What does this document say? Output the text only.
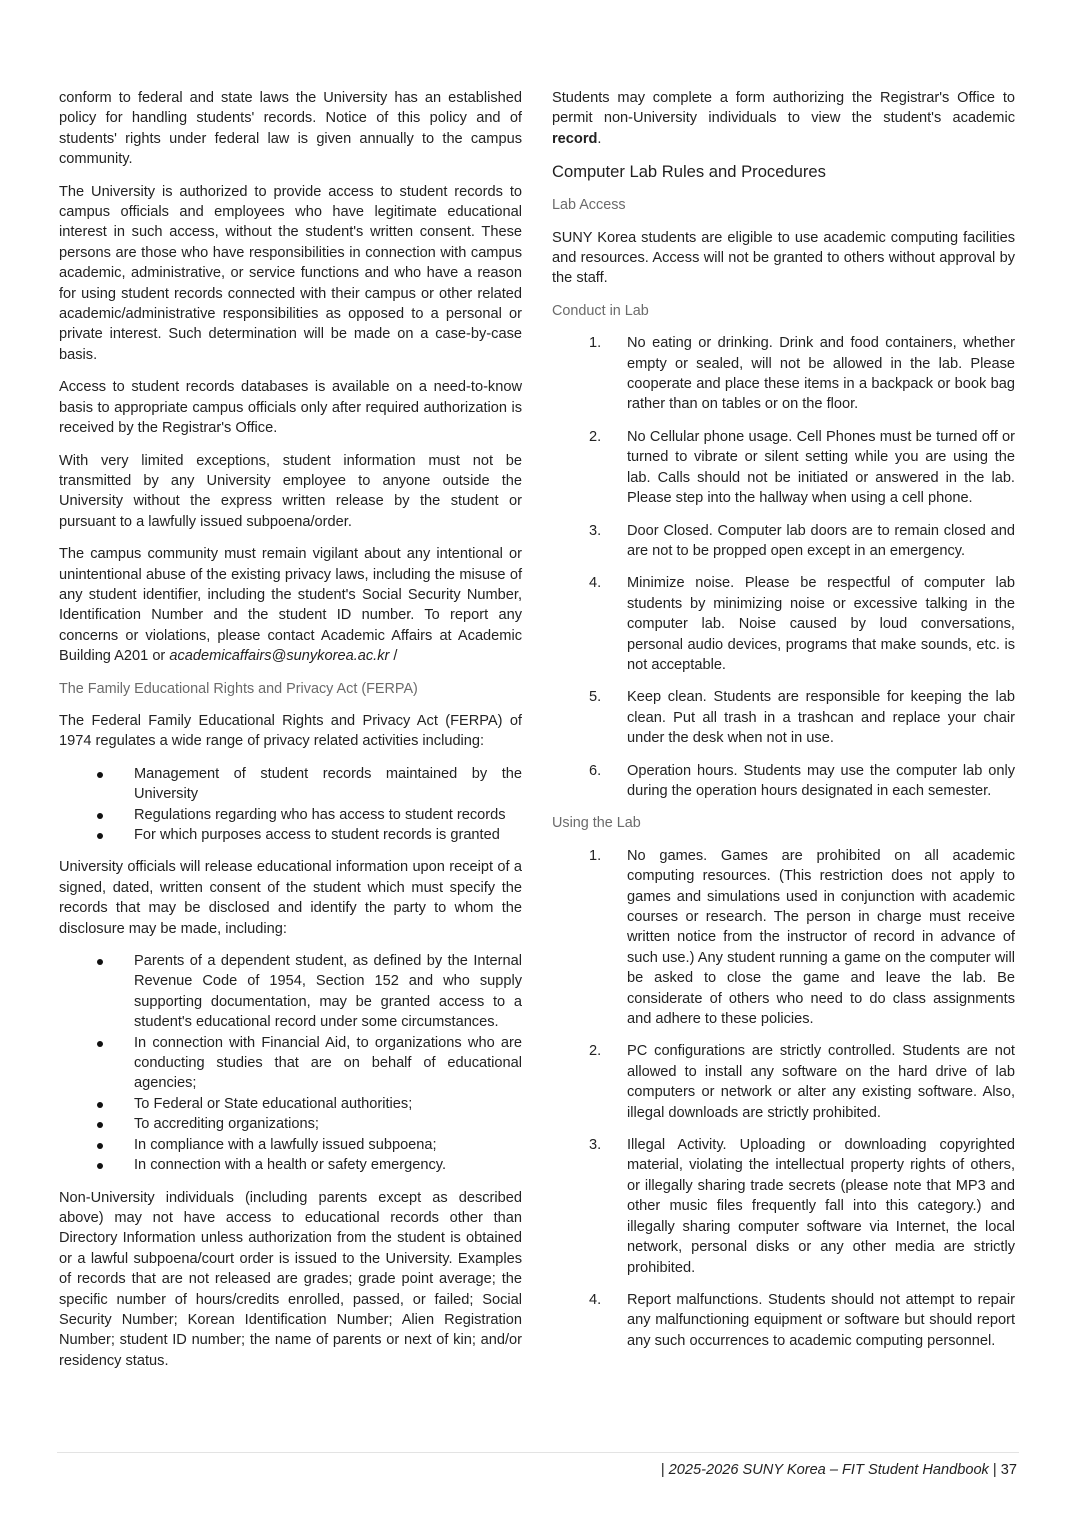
conform to federal and state laws the University has an established policy for handling students' records. Notice of this policy and of students' rights under federal law is given annually to the campus community.

The University is authorized to provide access to student records to campus officials and employees who have legitimate educational interest in such access, without the student's written consent. These persons are those who have responsibilities in connection with campus academic, administrative, or service functions and who have a reason for using student records connected with their campus or other related academic/administrative responsibilities as opposed to a personal or private interest. Such determination will be made on a case-by-case basis.

Access to student records databases is available on a need-to-know basis to appropriate campus officials only after required authorization is received by the Registrar's Office.

With very limited exceptions, student information must not be transmitted by any University employee to anyone outside the University without the express written release by the student or pursuant to a lawfully issued subpoena/order.

The campus community must remain vigilant about any intentional or unintentional abuse of the existing privacy laws, including the misuse of any student identifier, including the student's Social Security Number, Identification Number and the student ID number. To report any concerns or violations, please contact Academic Affairs at Academic Building A201 or academicaffairs@sunykorea.ac.kr /

The Family Educational Rights and Privacy Act (FERPA)

The Federal Family Educational Rights and Privacy Act (FERPA) of 1974 regulates a wide range of privacy related activities including:

Management of student records maintained by the University
Regulations regarding who has access to student records
For which purposes access to student records is granted

University officials will release educational information upon receipt of a signed, dated, written consent of the student which must specify the records that may be disclosed and identify the party to whom the disclosure may be made, including:

Parents of a dependent student, as defined by the Internal Revenue Code of 1954, Section 152 and who supply supporting documentation, may be granted access to a student's educational record under some circumstances.
In connection with Financial Aid, to organizations who are conducting studies that are on behalf of educational agencies;
To Federal or State educational authorities;
To accrediting organizations;
In compliance with a lawfully issued subpoena;
In connection with a health or safety emergency.

Non-University individuals (including parents except as described above) may not have access to educational records other than Directory Information unless authorization from the student is obtained or a lawful subpoena/court order is issued to the University. Examples of records that are not released are grades; grade point average; the specific number of hours/credits enrolled, passed, or failed; Social Security Number; Korean Identification Number; Alien Registration Number; student ID number; the name of parents or next of kin; and/or residency status.

Students may complete a form authorizing the Registrar's Office to permit non-University individuals to view the student's academic record.

Computer Lab Rules and Procedures
Lab Access

SUNY Korea students are eligible to use academic computing facilities and resources. Access will not be granted to others without approval by the staff.

Conduct in Lab
1. No eating or drinking. Drink and food containers, whether empty or sealed, will not be allowed in the lab. Please cooperate and place these items in a backpack or book bag rather than on tables or on the floor.
2. No Cellular phone usage. Cell Phones must be turned off or turned to vibrate or silent setting while you are using the lab. Calls should not be initiated or answered in the lab. Please step into the hallway when using a cell phone.
3. Door Closed. Computer lab doors are to remain closed and are not to be propped open except in an emergency.
4. Minimize noise. Please be respectful of computer lab students by minimizing noise or excessive talking in the computer lab. Noise caused by loud conversations, personal audio devices, programs that make sounds, etc. is not acceptable.
5. Keep clean. Students are responsible for keeping the lab clean. Put all trash in a trashcan and replace your chair under the desk when not in use.
6. Operation hours. Students may use the computer lab only during the operation hours designated in each semester.
Using the Lab
1. No games. Games are prohibited on all academic computing resources. (This restriction does not apply to games and simulations used in conjunction with academic courses or research. The person in charge must receive written notice from the instructor of record in advance of such use.) Any student running a game on the computer will be asked to close the game and leave the lab. Be considerate of others who need to do class assignments and adhere to these policies.
2. PC configurations are strictly controlled. Students are not allowed to install any software on the hard drive of lab computers or network or alter any existing software. Also, illegal downloads are strictly prohibited.
3. Illegal Activity. Uploading or downloading copyrighted material, violating the intellectual property rights of others, or illegally sharing trade secrets (please note that MP3 and other music files frequently fall into this category.) and illegally sharing computer software via Internet, the local network, personal disks or any other media are strictly prohibited.
4. Report malfunctions. Students should not attempt to repair any malfunctioning equipment or software but should report any such occurrences to academic computing personnel.
| 2025-2026 SUNY Korea – FIT Student Handbook | 37
